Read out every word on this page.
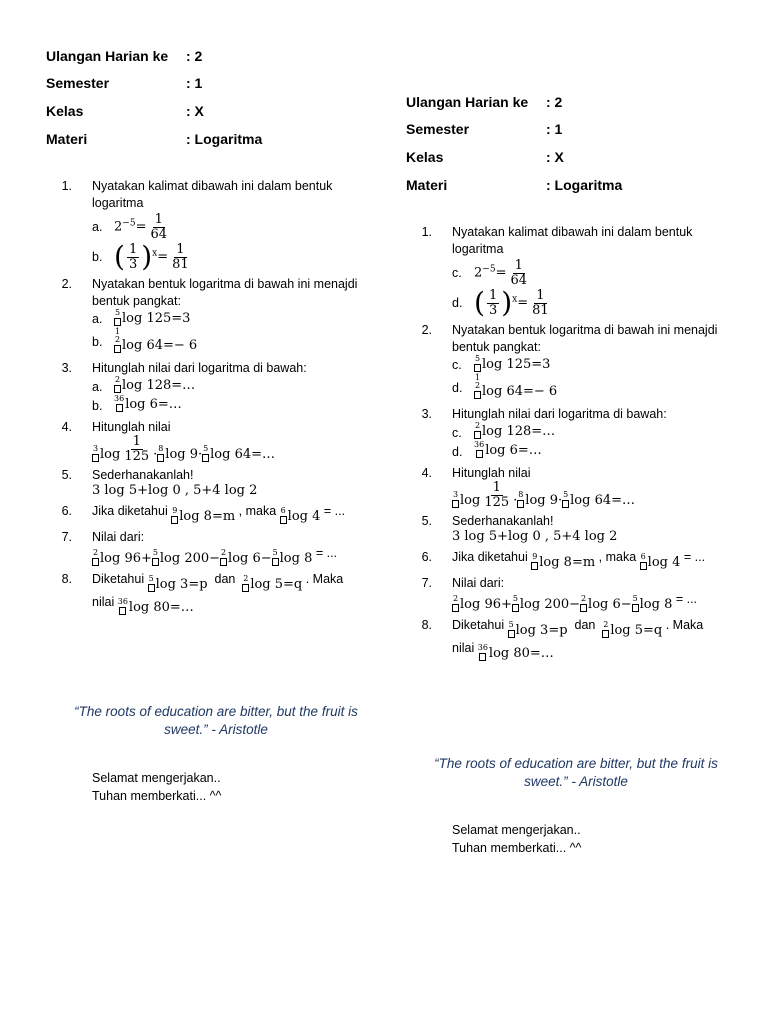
Ulangan Harian ke	: 2
Semester	: 1
Kelas	: X
Materi	: Logaritma
1.	Nyatakan kalimat dibawah ini dalam bentuk logaritma
a. $2^{-5}= \frac{1}{64}$
b. ( $\frac{1}{3} )^x= \frac{1}{81}$
2.	Nyatakan bentuk logaritma di bawah ini menajdi bentuk pangkat:
a.	5 log 125=3
b.
1
2 log 64=− 6
3.	Hitunglah nilai dari logaritma di bawah:
a.	2 log 128=…
b.	36 log 6=…
4.	Hitunglah nilai
3 $\log \frac{1}{125} \cdot 8$ log 9 · 5 log 64=…
5.	Sederhanakanlah!
3 log 5+log 0 , 5+4 log 2
6.	Jika diketahui 9 log 8=m , maka 6 log 4 = ...
7.	Nilai dari:
2 log 96+ 5 log 200− 2 log 6− 5 log 8 = ...
8.	Diketahui 5 log 3=p dan 2 log 5=q . Maka
nilai 36 log 80=…
“The roots of education are bitter, but the fruit is
sweet.” - Aristotle
Selamat mengerjakan..
Tuhan memberkati... ^^
Ulangan Harian ke	: 2
Semester	: 1
Kelas	: X
Materi	: Logaritma
1.	Nyatakan kalimat dibawah ini dalam bentuk logaritma
c. $2^{-5}= \frac{1}{64}$
d. ( $\frac{1}{3} )^x= \frac{1}{81}$
2.	Nyatakan bentuk logaritma di bawah ini menajdi bentuk pangkat:
c.	5 log 125=3
d.
1
2 log 64=− 6
3.	Hitunglah nilai dari logaritma di bawah:
c.	2 log 128=…
d.	36 log 6=…
4.	Hitunglah nilai
3 $\log \frac{1}{125} \cdot 8$ log 9 · 5 log 64=…
5.	Sederhanakanlah!
3 log 5+log 0 , 5+4 log 2
6.	Jika diketahui 9 log 8=m , maka 6 log 4 = ...
7.	Nilai dari:
2 log 96+ 5 log 200− 2 log 6− 5 log 8 = ...
8.	Diketahui 5 log 3=p dan 2 log 5=q . Maka
nilai 36 log 80=…
“The roots of education are bitter, but the fruit is
sweet.” - Aristotle
Selamat mengerjakan..
Tuhan memberkati... ^^
